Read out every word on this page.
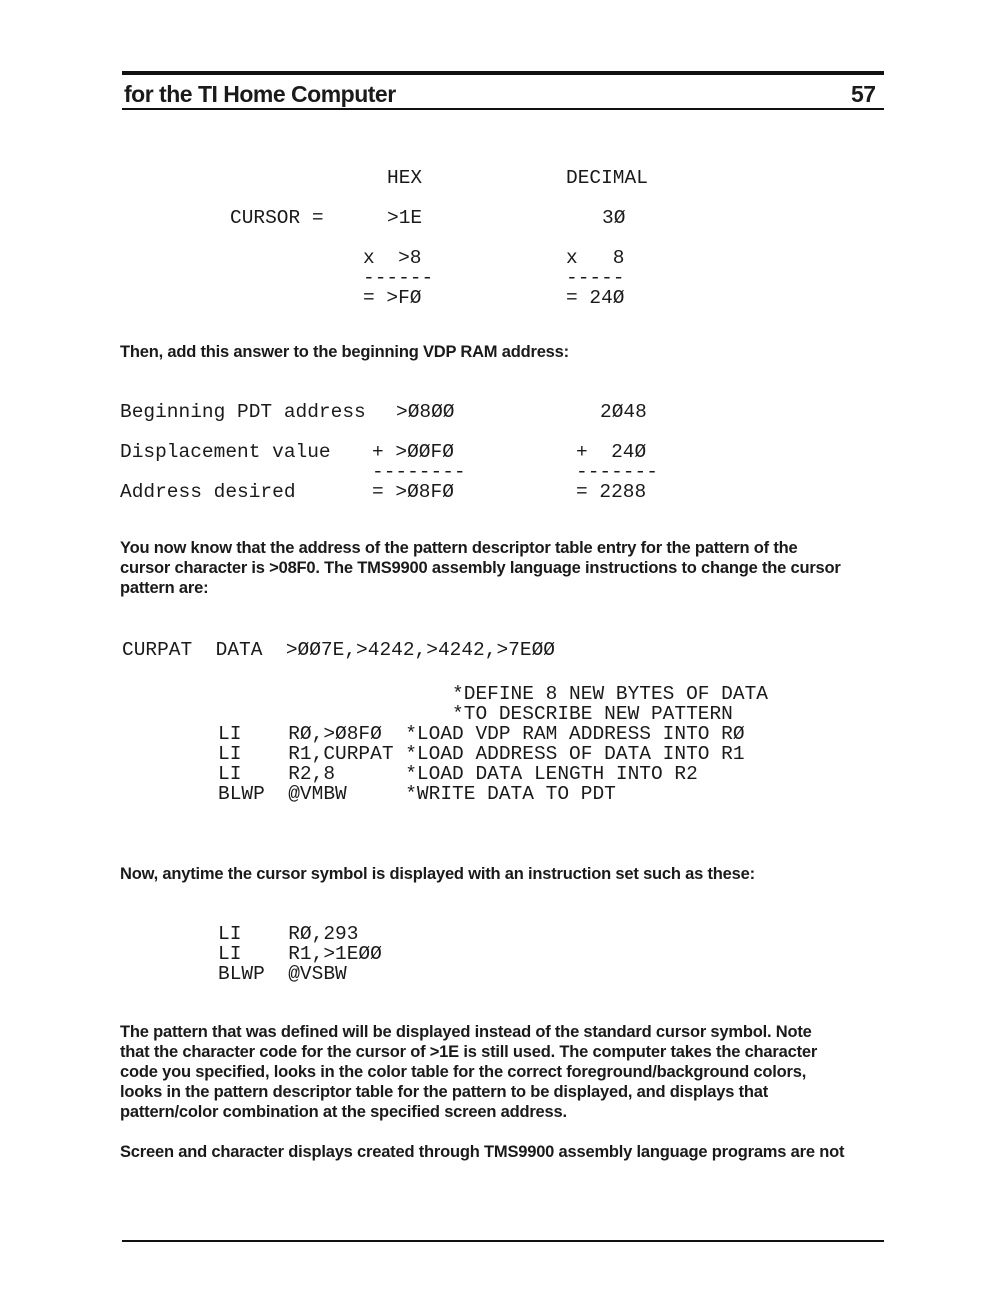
for the TI Home Computer	57
HEX	DECIMAL
CURSOR =	>1E	3Ø
x  >8	x   8
------	-----
= >FØ	= 24Ø
Then, add this answer to the beginning VDP RAM address:
Beginning PDT address >Ø8ØØ	2Ø48
Displacement value + >ØØFØ	+  24Ø
--------	-------
Address desired	= >Ø8FØ	= 2288
You now know that the address of the pattern descriptor table entry for the pattern of the
cursor character is >08F0. The TMS9900 assembly language instructions to change the cursor
pattern are:
CURPAT  DATA  >ØØ7E,>4242,>4242,>7EØØ

*DEFINE 8 NEW BYTES OF DATA

*TO DESCRIBE NEW PATTERN

LI    RØ,>Ø8FØ  *LOAD VDP RAM ADDRESS INTO RØ

LI    R1,CURPAT *LOAD ADDRESS OF DATA INTO R1

LI    R2,8      *LOAD DATA LENGTH INTO R2

BLWP  @VMBW     *WRITE DATA TO PDT

Now, anytime the cursor symbol is displayed with an instruction set such as these:

LI    RØ,293

LI    R1,>1EØØ

BLWP  @VSBW

The pattern that was defined will be displayed instead of the standard cursor symbol. Note
that the character code for the cursor of >1E is still used. The computer takes the character
code you specified, looks in the color table for the correct foreground/background colors,
looks in the pattern descriptor table for the pattern to be displayed, and displays that
pattern/color combination at the specified screen address.
Screen and character displays created through TMS9900 assembly language programs are not
